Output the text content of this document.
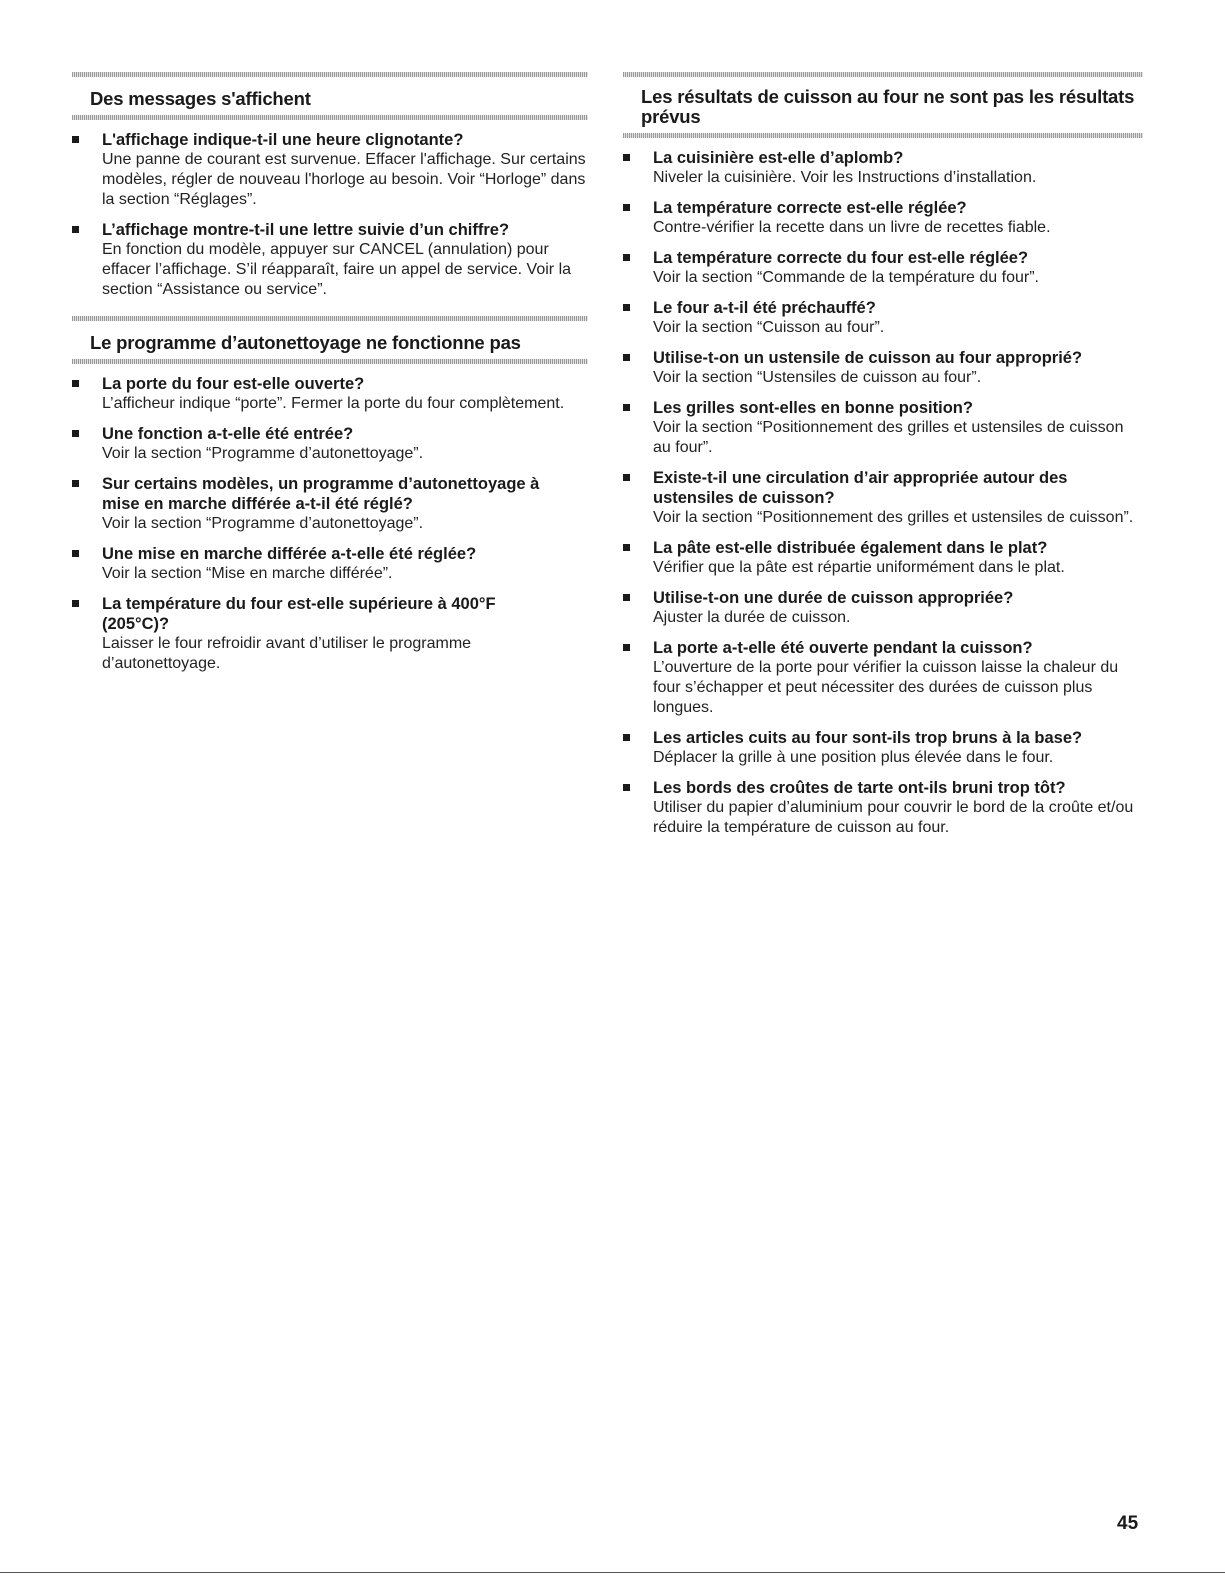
Des messages s'affichent
L'affichage indique-t-il une heure clignotante?
Une panne de courant est survenue. Effacer l'affichage. Sur certains modèles, régler de nouveau l'horloge au besoin. Voir “Horloge” dans la section “Réglages”.
L’affichage montre-t-il une lettre suivie d’un chiffre?
En fonction du modèle, appuyer sur CANCEL (annulation) pour effacer l’affichage. S’il réapparaît, faire un appel de service. Voir la section “Assistance ou service”.
Le programme d’autonettoyage ne fonctionne pas
La porte du four est-elle ouverte?
L’afficheur indique “porte”. Fermer la porte du four complètement.
Une fonction a-t-elle été entrée?
Voir la section “Programme d’autonettoyage”.
Sur certains modèles, un programme d’autonettoyage à mise en marche différée a-t-il été réglé?
Voir la section “Programme d’autonettoyage”.
Une mise en marche différée a-t-elle été réglée?
Voir la section “Mise en marche différée”.
La température du four est-elle supérieure à 400°F (205°C)?
Laisser le four refroidir avant d’utiliser le programme d’autonettoyage.
Les résultats de cuisson au four ne sont pas les résultats prévus
La cuisinière est-elle d’aplomb?
Niveler la cuisinière. Voir les Instructions d’installation.
La température correcte est-elle réglée?
Contre-vérifier la recette dans un livre de recettes fiable.
La température correcte du four est-elle réglée?
Voir la section “Commande de la température du four”.
Le four a-t-il été préchauffé?
Voir la section “Cuisson au four”.
Utilise-t-on un ustensile de cuisson au four approprié?
Voir la section “Ustensiles de cuisson au four”.
Les grilles sont-elles en bonne position?
Voir la section “Positionnement des grilles et ustensiles de cuisson au four”.
Existe-t-il une circulation d’air appropriée autour des ustensiles de cuisson?
Voir la section “Positionnement des grilles et ustensiles de cuisson”.
La pâte est-elle distribuée également dans le plat?
Vérifier que la pâte est répartie uniformément dans le plat.
Utilise-t-on une durée de cuisson appropriée?
Ajuster la durée de cuisson.
La porte a-t-elle été ouverte pendant la cuisson?
L’ouverture de la porte pour vérifier la cuisson laisse la chaleur du four s’échapper et peut nécessiter des durées de cuisson plus longues.
Les articles cuits au four sont-ils trop bruns à la base?
Déplacer la grille à une position plus élevée dans le four.
Les bords des croûtes de tarte ont-ils bruni trop tôt?
Utiliser du papier d’aluminium pour couvrir le bord de la croûte et/ou réduire la température de cuisson au four.
45
